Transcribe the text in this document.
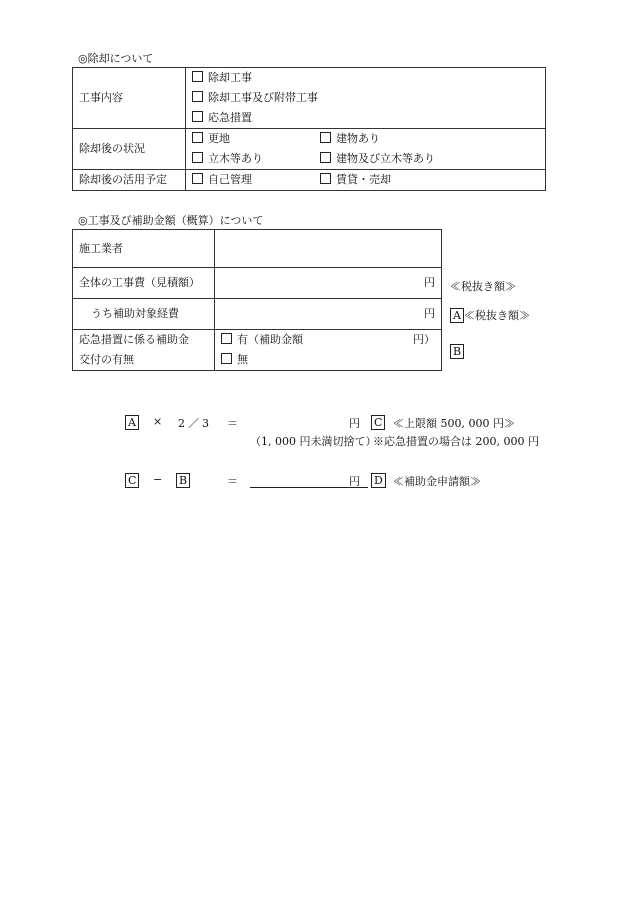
◎除却について
工事内容	除却工事
除却工事及び附帯工事
応急措置

除却後の状況	更地 建物あり
立木等あり 建物及び立木等あり

除却後の活用予定	自己管理 賃貸・売却
◎工事及び補助金額（概算）について
施工業者	
全体の工事費（見積額）	円
うち補助対象経費	円

応急措置に係る補助金
交付の有無	有（補助金額 円）
無
≪税抜き額≫
A ≪税抜き額≫
B
A × 2／3 ＝	円 C ≪上限額 500, 000 円≫
（1, 000 円未満切捨て）
※応急措置の場合は 200, 000 円
C − B	＝	円 D ≪補助金申請額≫
